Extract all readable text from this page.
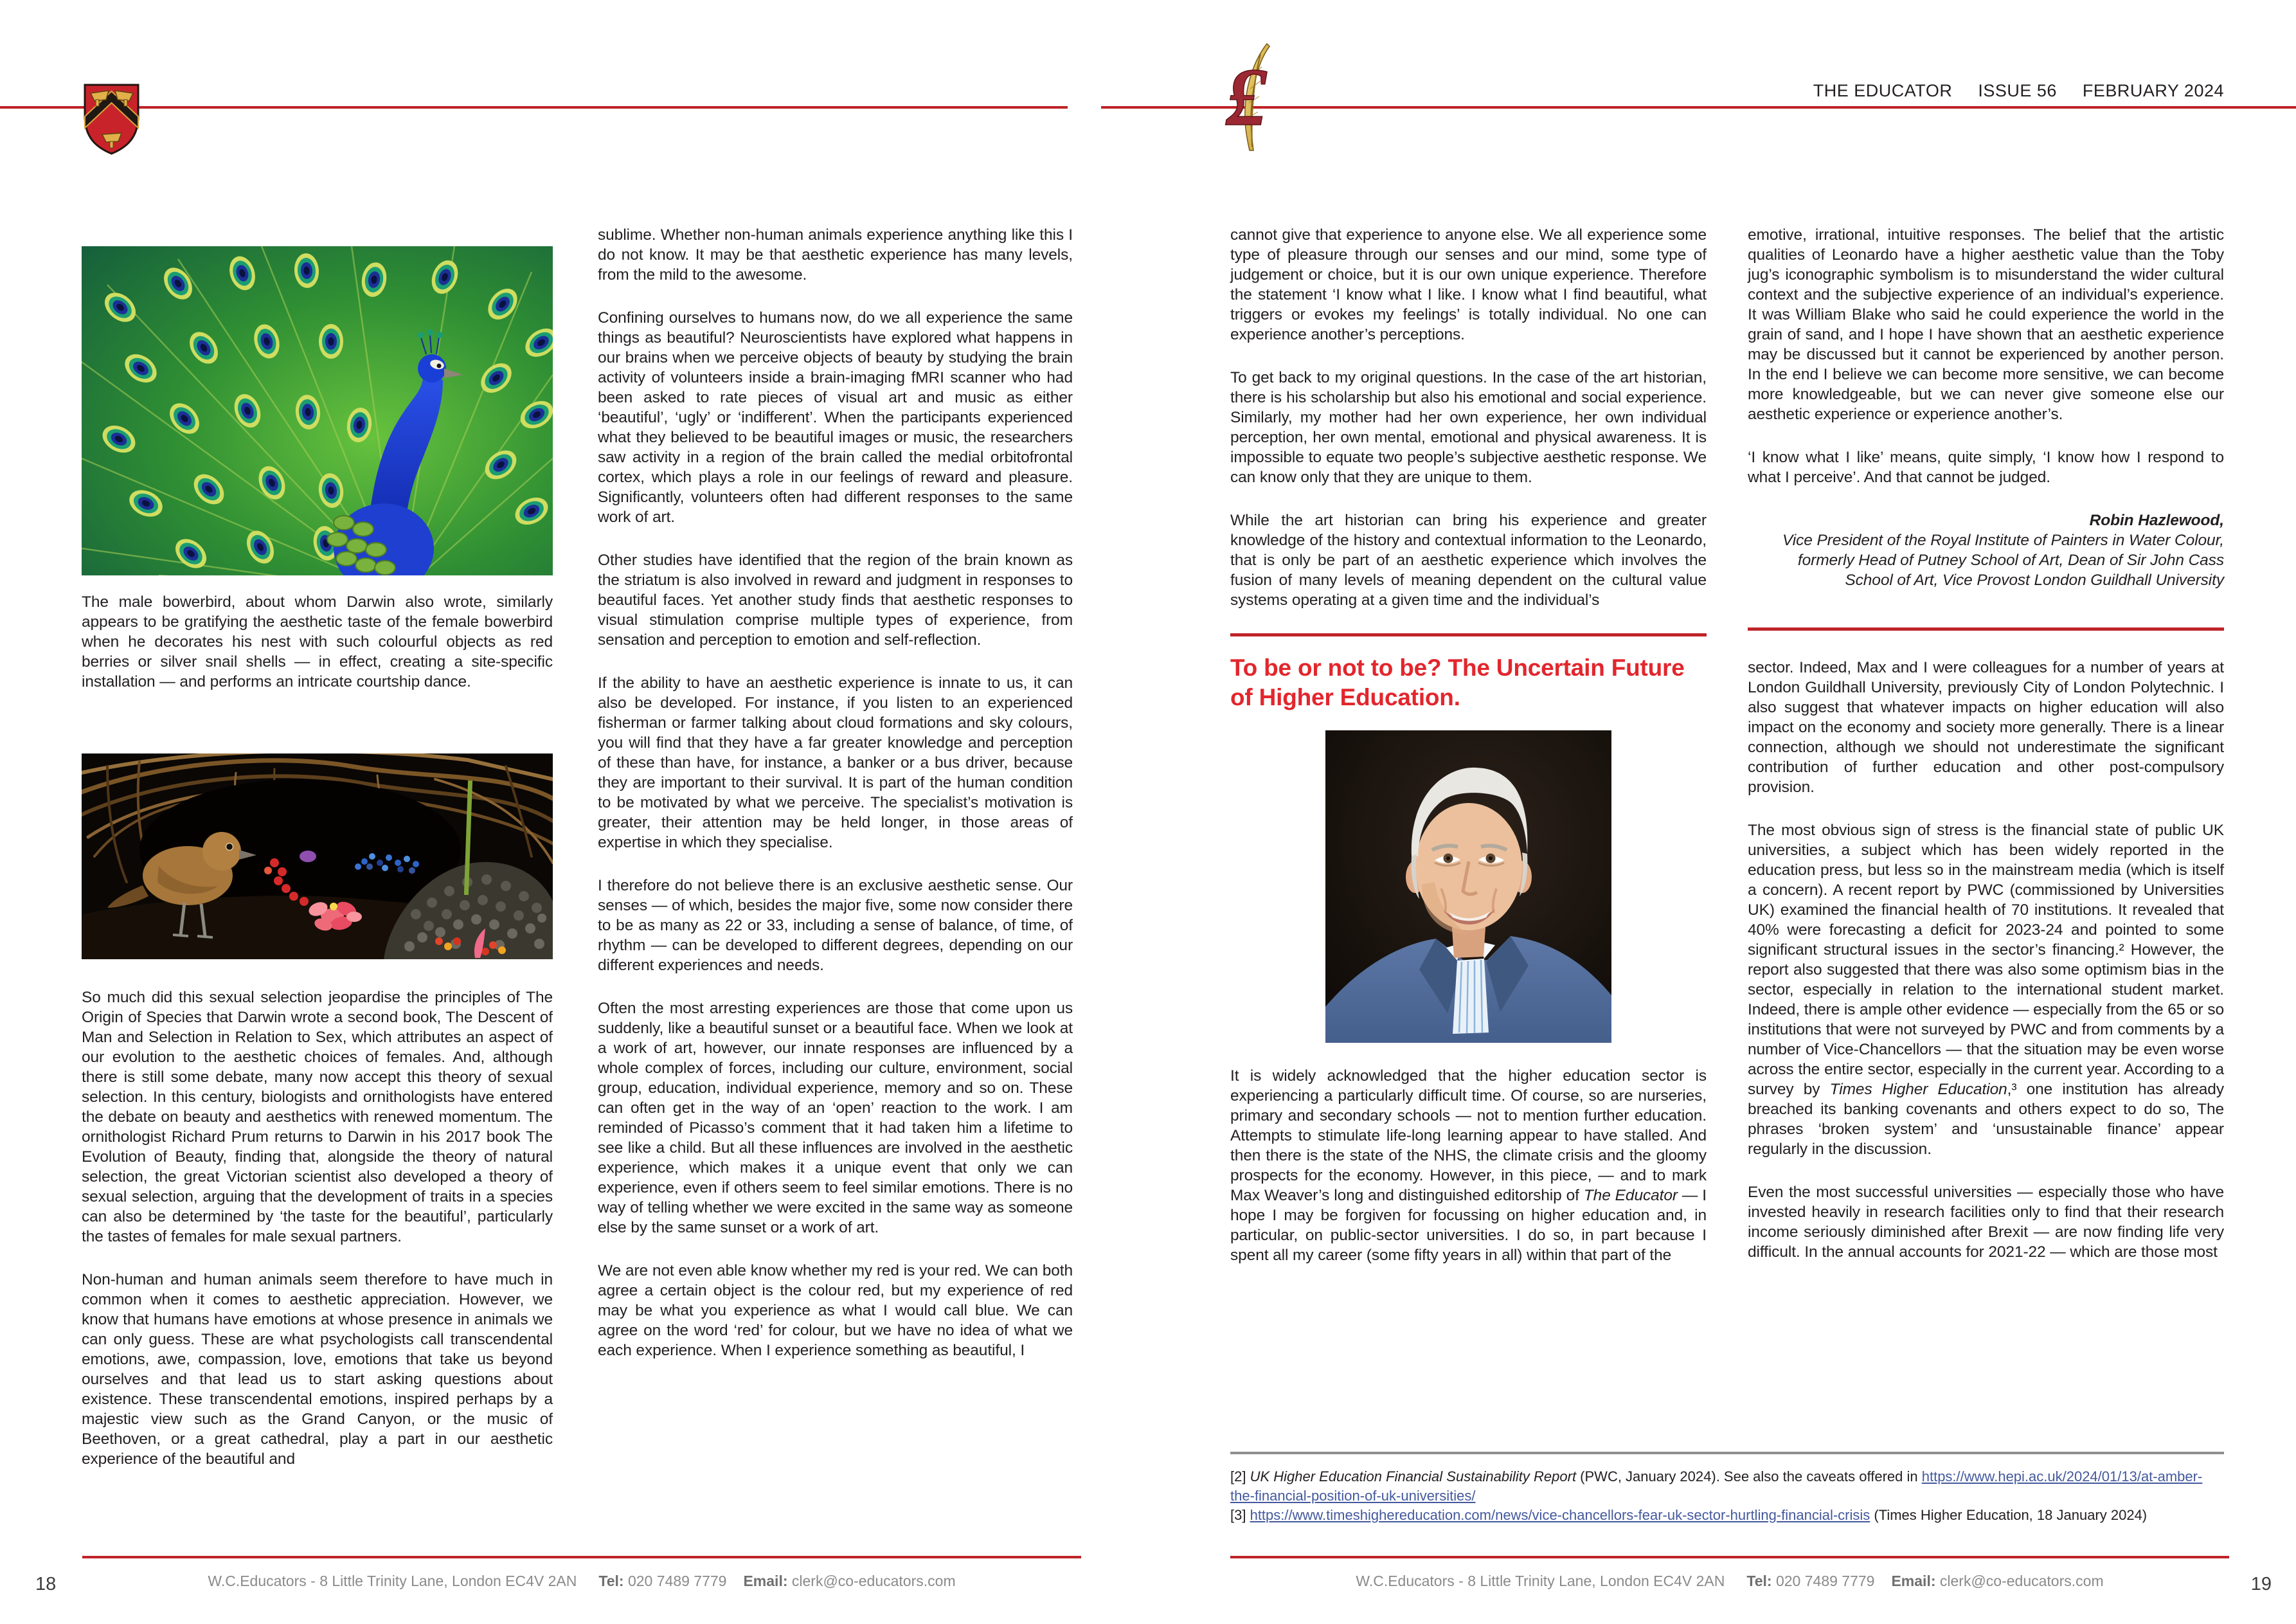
The male bowerbird, about whom Darwin also wrote, similarly appears to be gratifying the aesthetic taste of the female bowerbird when he decorates his nest with such colourful objects as red berries or silver snail shells — in effect, creating a site-specific installation — and performs an intricate courtship dance.

So much did this sexual selection jeopardise the principles of The Origin of Species that Darwin wrote a second book, The Descent of Man and Selection in Relation to Sex, which attributes an aspect of our evolution to the aesthetic choices of females. And, although there is still some debate, many now accept this theory of sexual selection. In this century, biologists and ornithologists have entered the debate on beauty and aesthetics with renewed momentum. The ornithologist Richard Prum returns to Darwin in his 2017 book The Evolution of Beauty, finding that, alongside the theory of natural selection, the great Victorian scientist also developed a theory of sexual selection, arguing that the development of traits in a species can also be determined by ‘the taste for the beautiful’, particularly the tastes of females for male sexual partners.

Non-human and human animals seem therefore to have much in common when it comes to aesthetic appreciation. However, we know that humans have emotions at whose presence in animals we can only guess. These are what psychologists call transcendental emotions, awe, compassion, love, emotions that take us beyond ourselves and that lead us to start asking questions about existence. These transcendental emotions, inspired perhaps by a majestic view such as the Grand Canyon, or the music of Beethoven, or a great cathedral, play a part in our aesthetic experience of the beautiful and

sublime. Whether non-human animals experience anything like this I do not know. It may be that aesthetic experience has many levels, from the mild to the awesome.

Confining ourselves to humans now, do we all experience the same things as beautiful? Neuroscientists have explored what happens in our brains when we perceive objects of beauty by studying the brain activity of volunteers inside a brain-imaging fMRI scanner who had been asked to rate pieces of visual art and music as either ‘beautiful’, ‘ugly’ or ‘indifferent’. When the participants experienced what they believed to be beautiful images or music, the researchers saw activity in a region of the brain called the medial orbitofrontal cortex, which plays a role in our feelings of reward and pleasure. Significantly, volunteers often had different responses to the same work of art.

Other studies have identified that the region of the brain known as the striatum is also involved in reward and judgment in responses to beautiful faces. Yet another study finds that aesthetic responses to visual stimulation comprise multiple types of experience, from sensation and perception to emotion and self-reflection.

If the ability to have an aesthetic experience is innate to us, it can also be developed. For instance, if you listen to an experienced fisherman or farmer talking about cloud formations and sky colours, you will find that they have a far greater knowledge and perception of these than have, for instance, a banker or a bus driver, because they are important to their survival. It is part of the human condition to be motivated by what we perceive. The specialist’s motivation is greater, their attention may be held longer, in those areas of expertise in which they specialise.

I therefore do not believe there is an exclusive aesthetic sense. Our senses — of which, besides the major five, some now consider there to be as many as 22 or 33, including a sense of balance, of time, of rhythm — can be developed to different degrees, depending on our different experiences and needs.

Often the most arresting experiences are those that come upon us suddenly, like a beautiful sunset or a beautiful face. When we look at a work of art, however, our innate responses are influenced by a whole complex of forces, including our culture, environment, social group, education, individual experience, memory and so on. These can often get in the way of an ‘open’ reaction to the work. I am reminded of Picasso’s comment that it had taken him a lifetime to see like a child. But all these influences are involved in the aesthetic experience, which makes it a unique event that only we can experience, even if others seem to feel similar emotions. There is no way of telling whether we were excited in the same way as someone else by the same sunset or a work of art.

We are not even able know whether my red is your red. We can both agree a certain object is the colour red, but my experience of red may be what you experience as what I would call blue. We can agree on the word ‘red’ for colour, but we have no idea of what we each experience. When I experience something as beautiful, I

W.C.Educators - 8 Little Trinity Lane, London EC4V 2AN Tel: 020 7489 7779 Email: clerk@co-educators.com
18
£	THE EDUCATOR ISSUE 56 FEBRUARY 2024

cannot give that experience to anyone else. We all experience some type of pleasure through our senses and our mind, some type of judgement or choice, but it is our own unique experience. Therefore the statement ‘I know what I like. I know what I find beautiful, what triggers or evokes my feelings’ is totally individual. No one can experience another’s perceptions.

To get back to my original questions. In the case of the art historian, there is his scholarship but also his emotional and social experience. Similarly, my mother had her own experience, her own individual perception, her own mental, emotional and physical awareness. It is impossible to equate two people’s subjective aesthetic response. We can know only that they are unique to them.

While the art historian can bring his experience and greater knowledge of the history and contextual information to the Leonardo, that is only be part of an aesthetic experience which involves the fusion of many levels of meaning dependent on the cultural value systems operating at a given time and the individual’s

To be or not to be? The Uncertain Future of Higher Education.

It is widely acknowledged that the higher education sector is experiencing a particularly difficult time. Of course, so are nurseries, primary and secondary schools — not to mention further education. Attempts to stimulate life-long learning appear to have stalled. And then there is the state of the NHS, the climate crisis and the gloomy prospects for the economy. However, in this piece, — and to mark Max Weaver’s long and distinguished editorship of The Educator — I hope I may be forgiven for focussing on higher education and, in particular, on public-sector universities. I do so, in part because I spent all my career (some fifty years in all) within that part of the

emotive, irrational, intuitive responses. The belief that the artistic qualities of Leonardo have a higher aesthetic value than the Toby jug’s iconographic symbolism is to misunderstand the wider cultural context and the subjective experience of an individual’s experience. It was William Blake who said he could experience the world in the grain of sand, and I hope I have shown that an aesthetic experience may be discussed but it cannot be experienced by another person. In the end I believe we can become more sensitive, we can become more knowledgeable, but we can never give someone else our aesthetic experience or experience another’s.

‘I know what I like’ means, quite simply, ‘I know how I respond to what I perceive’. And that cannot be judged.

Robin Hazlewood,
Vice President of the Royal Institute of Painters in Water Colour, formerly Head of Putney School of Art, Dean of Sir John Cass School of Art, Vice Provost London Guildhall University

sector. Indeed, Max and I were colleagues for a number of years at London Guildhall University, previously City of London Polytechnic. I also suggest that whatever impacts on higher education will also impact on the economy and society more generally. There is a linear connection, although we should not underestimate the significant contribution of further education and other post-compulsory provision.

The most obvious sign of stress is the financial state of public UK universities, a subject which has been widely reported in the education press, but less so in the mainstream media (which is itself a concern). A recent report by PWC (commissioned by Universities UK) examined the financial health of 70 institutions. It revealed that 40% were forecasting a deficit for 2023-24 and pointed to some significant structural issues in the sector’s financing.² However, the report also suggested that there was also some optimism bias in the sector, especially in relation to the international student market. Indeed, there is ample other evidence — especially from the 65 or so institutions that were not surveyed by PWC and from comments by a number of Vice-Chancellors — that the situation may be even worse across the entire sector, especially in the current year. According to a survey by Times Higher Education,³ one institution has already breached its banking covenants and others expect to do so, The phrases ‘broken system’ and ‘unsustainable finance’ appear regularly in the discussion.

Even the most successful universities — especially those who have invested heavily in research facilities only to find that their research income seriously diminished after Brexit — are now finding life very difficult. In the annual accounts for 2021-22 — which are those most

[2] UK Higher Education Financial Sustainability Report (PWC, January 2024). See also the caveats offered in https://www.hepi.ac.uk/2024/01/13/at-amber-the-financial-position-of-uk-universities/

[3] https://www.timeshighereducation.com/news/vice-chancellors-fear-uk-sector-hurtling-financial-crisis (Times Higher Education, 18 January 2024)

W.C.Educators - 8 Little Trinity Lane, London EC4V 2AN Tel: 020 7489 7779 Email: clerk@co-educators.com	19
